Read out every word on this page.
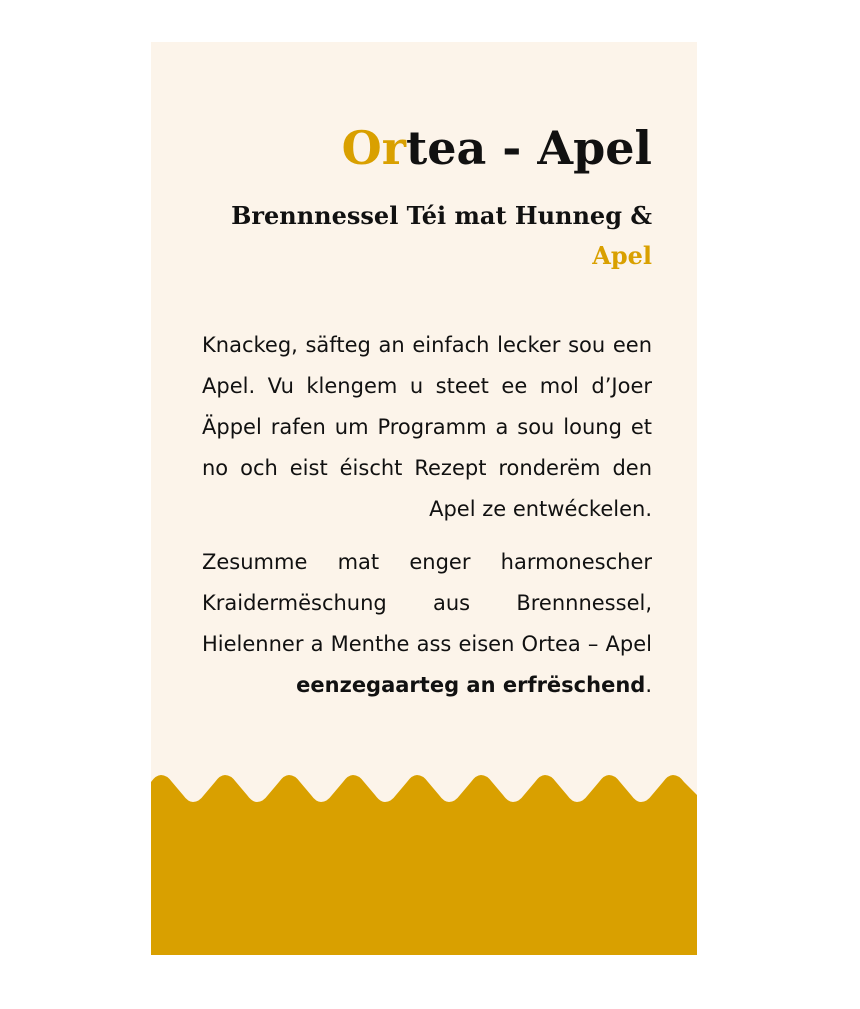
Ortea - Apel
Brennnessel Téi mat Hunneg & Apel

Knackeg, säfteg an einfach lecker sou een Apel. Vu klengem u steet ee mol d’Joer Äppel rafen um Programm a sou loung et no och eist éischt Rezept ronderëm den Apel ze entwéckelen.

Zesumme mat enger harmonescher Kraidermëschung aus Brennnessel, Hielenner a Menthe ass eisen Ortea – Apel eenzegaarteg an erfrëschend.
